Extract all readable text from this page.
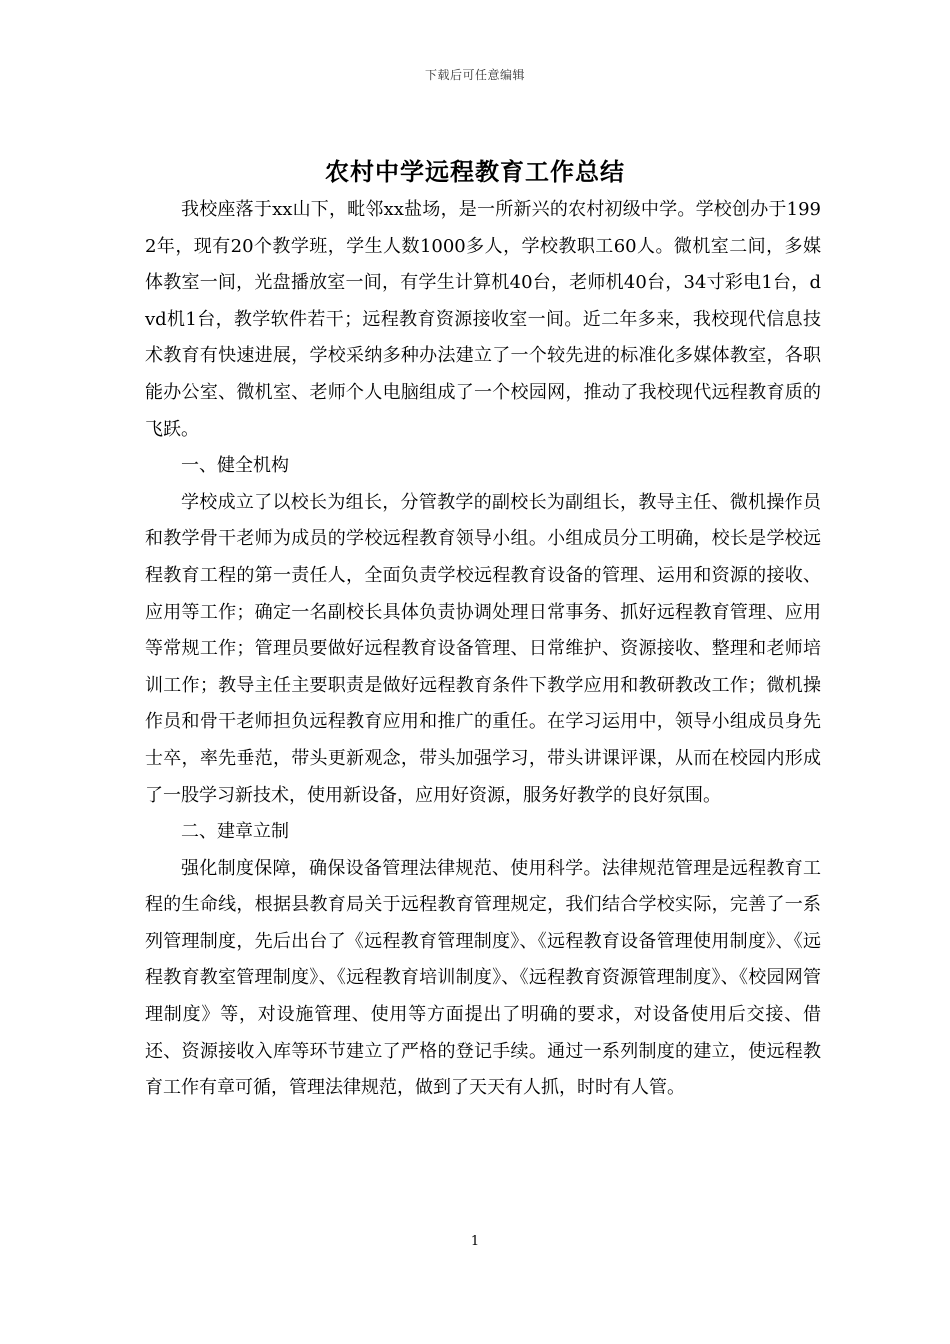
下载后可任意编辑
农村中学远程教育工作总结

我校座落于xx山下，毗邻xx盐场，是一所新兴的农村初级中学。学校创办于1992年，现有20个教学班，学生人数1000多人，学校教职工60人。微机室二间，多媒体教室一间，光盘播放室一间，有学生计算机40台，老师机40台，34寸彩电1台，dvd机1台，教学软件若干；远程教育资源接收室一间。近二年多来，我校现代信息技术教育有快速进展，学校采纳多种办法建立了一个较先进的标准化多媒体教室，各职能办公室、微机室、老师个人电脑组成了一个校园网，推动了我校现代远程教育质的飞跃。

一、健全机构

学校成立了以校长为组长，分管教学的副校长为副组长，教导主任、微机操作员和教学骨干老师为成员的学校远程教育领导小组。小组成员分工明确，校长是学校远程教育工程的第一责任人，全面负责学校远程教育设备的管理、运用和资源的接收、应用等工作；确定一名副校长具体负责协调处理日常事务、抓好远程教育管理、应用等常规工作；管理员要做好远程教育设备管理、日常维护、资源接收、整理和老师培训工作；教导主任主要职责是做好远程教育条件下教学应用和教研教改工作；微机操作员和骨干老师担负远程教育应用和推广的重任。在学习运用中，领导小组成员身先士卒，率先垂范，带头更新观念，带头加强学习，带头讲课评课，从而在校园内形成了一股学习新技术，使用新设备，应用好资源，服务好教学的良好氛围。

二、建章立制

强化制度保障，确保设备管理法律规范、使用科学。法律规范管理是远程教育工程的生命线，根据县教育局关于远程教育管理规定，我们结合学校实际，完善了一系列管理制度，先后出台了《远程教育管理制度》、《远程教育设备管理使用制度》、《远程教育教室管理制度》、《远程教育培训制度》、《远程教育资源管理制度》、《校园网管理制度》等，对设施管理、使用等方面提出了明确的要求，对设备使用后交接、借还、资源接收入库等环节建立了严格的登记手续。通过一系列制度的建立，使远程教育工作有章可循，管理法律规范，做到了天天有人抓，时时有人管。

1
